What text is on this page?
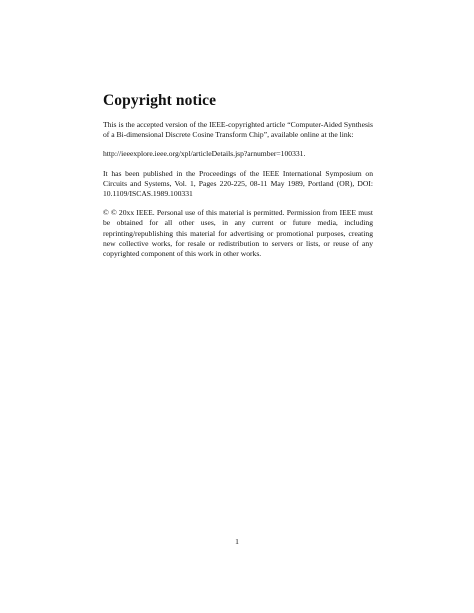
Copyright notice

This is the accepted version of the IEEE-copyrighted article “Computer-Aided Synthesis of a Bi-dimensional Discrete Cosine Transform Chip”, available online at the link:

http://ieeexplore.ieee.org/xpl/articleDetails.jsp?arnumber=100331.

It has been published in the Proceedings of the IEEE International Symposium on Circuits and Systems, Vol. 1, Pages 220-225, 08-11 May 1989, Portland (OR), DOI: 10.1109/ISCAS.1989.100331

© © 20xx IEEE. Personal use of this material is permitted. Permission from IEEE must be obtained for all other uses, in any current or future media, including reprinting/republishing this material for advertising or promotional purposes, creating new collective works, for resale or redistribution to servers or lists, or reuse of any copyrighted component of this work in other works.

1
